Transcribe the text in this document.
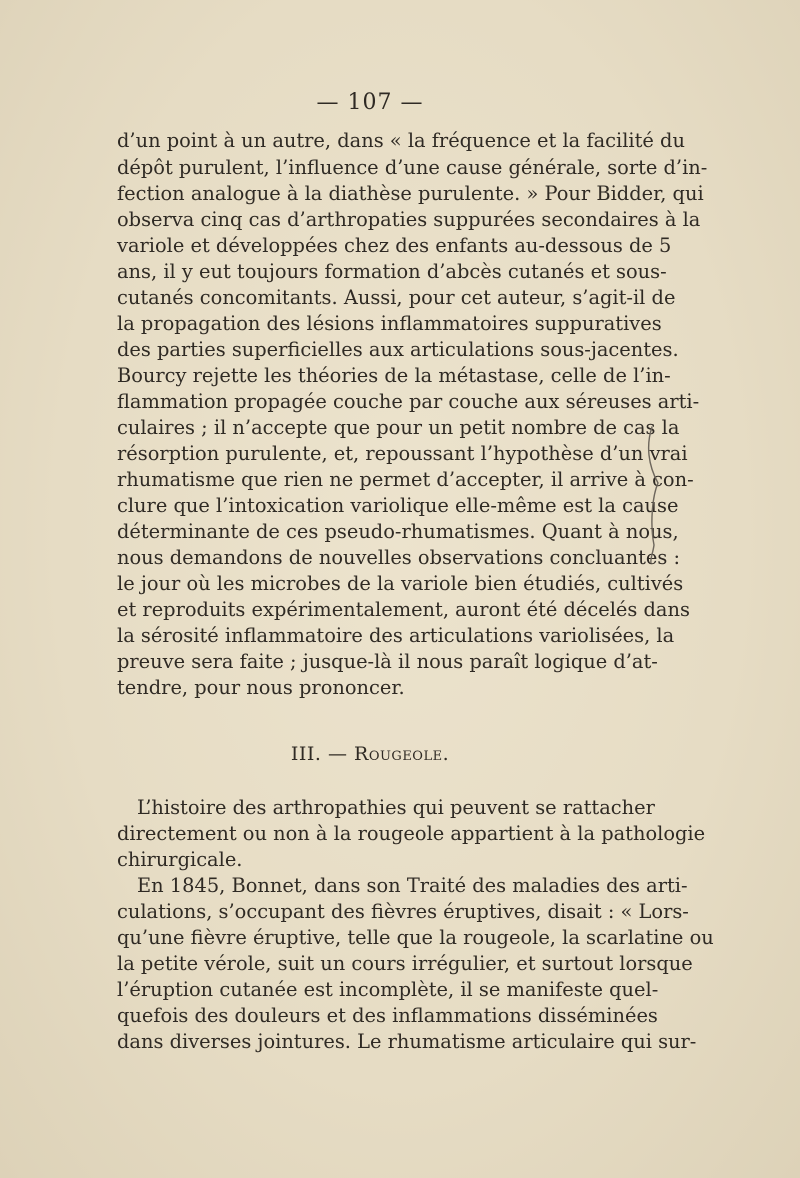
— 107 —
d’un point à un autre, dans « la fréquence et la facilité du
dépôt purulent, l’influence d’une cause générale, sorte d’in-
fection analogue à la diathèse purulente. » Pour Bidder, qui
observa cinq cas d’arthropaties suppurées secondaires à la
variole et développées chez des enfants au-dessous de 5
ans, il y eut toujours formation d’abcès cutanés et sous-
cutanés concomitants. Aussi, pour cet auteur, s’agit-il de
la propagation des lésions inflammatoires suppuratives
des parties superficielles aux articulations sous-jacentes.
Bourcy rejette les théories de la métastase, celle de l’in-
flammation propagée couche par couche aux séreuses arti-
culaires ; il n’accepte que pour un petit nombre de cas la
résorption purulente, et, repoussant l’hypothèse d’un vrai
rhumatisme que rien ne permet d’accepter, il arrive à con-
clure que l’intoxication variolique elle-même est la cause
déterminante de ces pseudo-rhumatismes. Quant à nous,
nous demandons de nouvelles observations concluantes :
le jour où les microbes de la variole bien étudiés, cultivés
et reproduits expérimentalement, auront été décelés dans
la sérosité inflammatoire des articulations variolisées, la
preuve sera faite ; jusque-là il nous paraît logique d’at-
tendre, pour nous prononcer.
III. — Rougeole.
L’histoire des arthropathies qui peuvent se rattacher
directement ou non à la rougeole appartient à la pathologie
chirurgicale.
En 1845, Bonnet, dans son Traité des maladies des arti-
culations, s’occupant des fièvres éruptives, disait : « Lors-
qu’une fièvre éruptive, telle que la rougeole, la scarlatine ou
la petite vérole, suit un cours irrégulier, et surtout lorsque
l’éruption cutanée est incomplète, il se manifeste quel-
quefois des douleurs et des inflammations disséminées
dans diverses jointures. Le rhumatisme articulaire qui sur-
